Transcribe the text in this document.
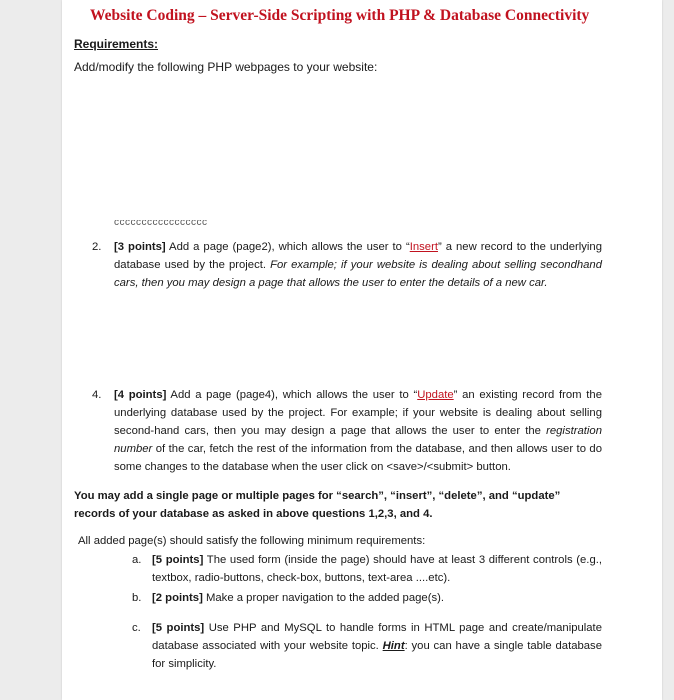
Website Coding – Server-Side Scripting with PHP & Database Connectivity
Requirements:
Add/modify the following PHP webpages to your website:
ccccccccccccccccc
2. [3 points] Add a page (page2), which allows the user to “Insert” a new record to the underlying database used by the project. For example; if your website is dealing about selling secondhand cars, then you may design a page that allows the user to enter the details of a new car.
4. [4 points] Add a page (page4), which allows the user to “Update” an existing record from the underlying database used by the project. For example; if your website is dealing about selling second-hand cars, then you may design a page that allows the user to enter the registration number of the car, fetch the rest of the information from the database, and then allows user to do some changes to the database when the user click on <save>/<submit> button.
You may add a single page or multiple pages for “search”, “insert”, “delete”, and “update” records of your database as asked in above questions 1,2,3, and 4.
All added page(s) should satisfy the following minimum requirements:
a. [5 points] The used form (inside the page) should have at least 3 different controls (e.g., textbox, radio-buttons, check-box, buttons, text-area ....etc).
b. [2 points] Make a proper navigation to the added page(s).
c. [5 points] Use PHP and MySQL to handle forms in HTML page and create/manipulate database associated with your website topic. Hint: you can have a single table database for simplicity.
